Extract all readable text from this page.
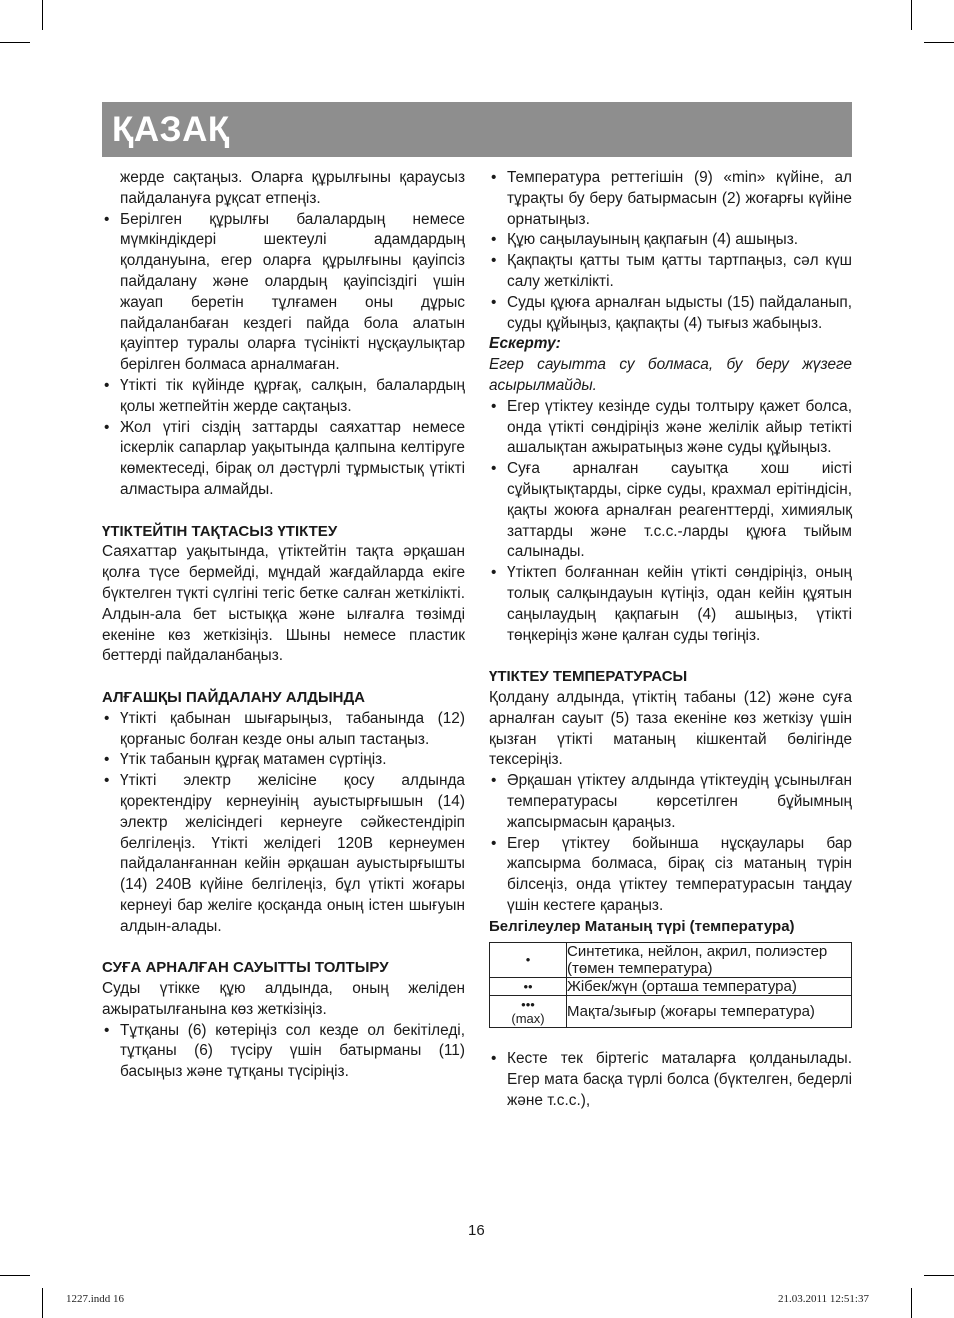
ҚАЗАҚ

жерде сақтаңыз. Оларға құрылғыны қараусыз пайдалануға рұқсат етпеңіз.

• Берілген құрылғы балалардың немесе мүмкіндікдері шектеулі адамдардың қолдануына, егер оларға құрылғыны қауіпсіз пайдалану және олардың қауіпсіздігі үшін жауап беретін тұлғамен оны дұрыс пайдаланбаған кездегі пайда бола алатын қауіптер туралы оларға түсінікті нұсқаулықтар берілген болмаса арналмаған.
• Үтікті тік күйінде құрғақ, салқын, балалардың қолы жетпейтін жерде сақтаңыз.
• Жол үтігі сіздің заттарды саяхаттар немесе іскерлік сапарлар уақытында қалпына келтіруге көмектеседі, бірақ ол дәстүрлі тұрмыстық үтікті алмастыра алмайды.
ҮТІКТЕЙТІН ТАҚТАСЫЗ ҮТІКТЕУ

Саяхаттар уақытында, үтіктейтін тақта әрқашан қолға түсе бермейді, мұндай жағдайларда екіге бүктелген түкті сүлгіні тегіс бетке салған жеткілікті. Алдын-ала бет ыстыққа және ылғалға төзімді екеніне көз жеткізіңіз. Шыны немесе пластик беттерді пайдаланбаңыз.

АЛҒАШҚЫ ПАЙДАЛАНУ АЛДЫНДА
• Үтікті қабынан шығарыңыз, табанында (12) қорғаныс болған кезде оны алып тастаңыз.
• Үтік табанын құрғақ матамен сүртіңіз.
• Үтікті электр желісіне қосу алдында қоректендіру кернеуінің ауыстырғышын (14) электр желісіндегі кернеуге сәйкестендіріп белгілеңіз. Үтікті желідегі 120В кернеумен пайдаланғаннан кейін әрқашан ауыстырғышты (14) 240В күйіне белгілеңіз, бұл үтікті жоғары кернеуі бар желіге қосқанда оның істен шығуын алдын-алады.
СУҒА АРНАЛҒАН САУЫТТЫ ТОЛТЫРУ

Суды үтікке құю алдында, оның желіден ажыратылғанына көз жеткізіңіз.

• Тұтқаны (6) көтеріңіз сол кезде ол бекітіледі, тұтқаны (6) түсіру үшін батырманы (11) басыңыз және тұтқаны түсіріңіз.
• Температура реттегішін (9) «min» күйіне, ал тұрақты бу беру батырмасын (2) жоғарғы күйіне орнатыңыз.
• Құю саңылауының қақпағын (4) ашыңыз.
• Қақпақты қатты тым қатты тартпаңыз, сәл күш салу жеткілікті.
• Суды құюға арналған ыдысты (15) пайдаланып, суды құйыңыз, қақпақты (4) тығыз жабыңыз.

Ескерту:

Егер сауытта су болмаса, бу беру жүзеге асырылмайды.

• Егер үтіктеу кезінде суды толтыру қажет болса, онда үтікті сөндіріңіз және желілік айыр тетікті ашалықтан ажыратыңыз және суды құйыңыз.
• Суға арналған сауытқа хош иісті сұйықтықтарды, сірке суды, крахмал ерітіндісін, қақты жоюға арналған реагенттерді, химиялық заттарды және т.с.с.-ларды құюға тыйым салынады.
• Үтіктеп болғаннан кейін үтікті сөндіріңіз, оның толық салқындауын күтіңіз, одан кейін құятын саңылаудың қақпағын (4) ашыңыз, үтікті төңкеріңіз және қалған суды төгіңіз.
ҮТІКТЕУ ТЕМПЕРАТУРАСЫ

Қолдану алдында, үтіктің табаны (12) және суға арналған сауыт (5) таза екеніне көз жеткізу үшін қызған үтікті матаның кішкентай бөлігінде тексеріңіз.

• Әрқашан үтіктеу алдында үтіктеудің ұсынылған температурасы көрсетілген бұйымның жапсырмасын қараңыз.
• Егер үтіктеу бойынша нұсқаулары бар жапсырма болмаса, бірақ сіз матаның түрін білсеңіз, онда үтіктеу температурасын таңдау үшін кестеге қараңыз.

Белгілеулер Матаның түрі (температура)

•	Синтетика, нейлон, акрил, полиэстер (төмен температура)

••	Жібек/жүн (орташа температура)

•••
(max)	Мақта/зығыр (жоғары температура)
• Кесте тек біртегіс маталарға қолданылады. Егер мата басқа түрлі болса (бүктелген, бедерлі және т.с.с.),
16
1227.indd 16	21.03.2011 12:51:37
